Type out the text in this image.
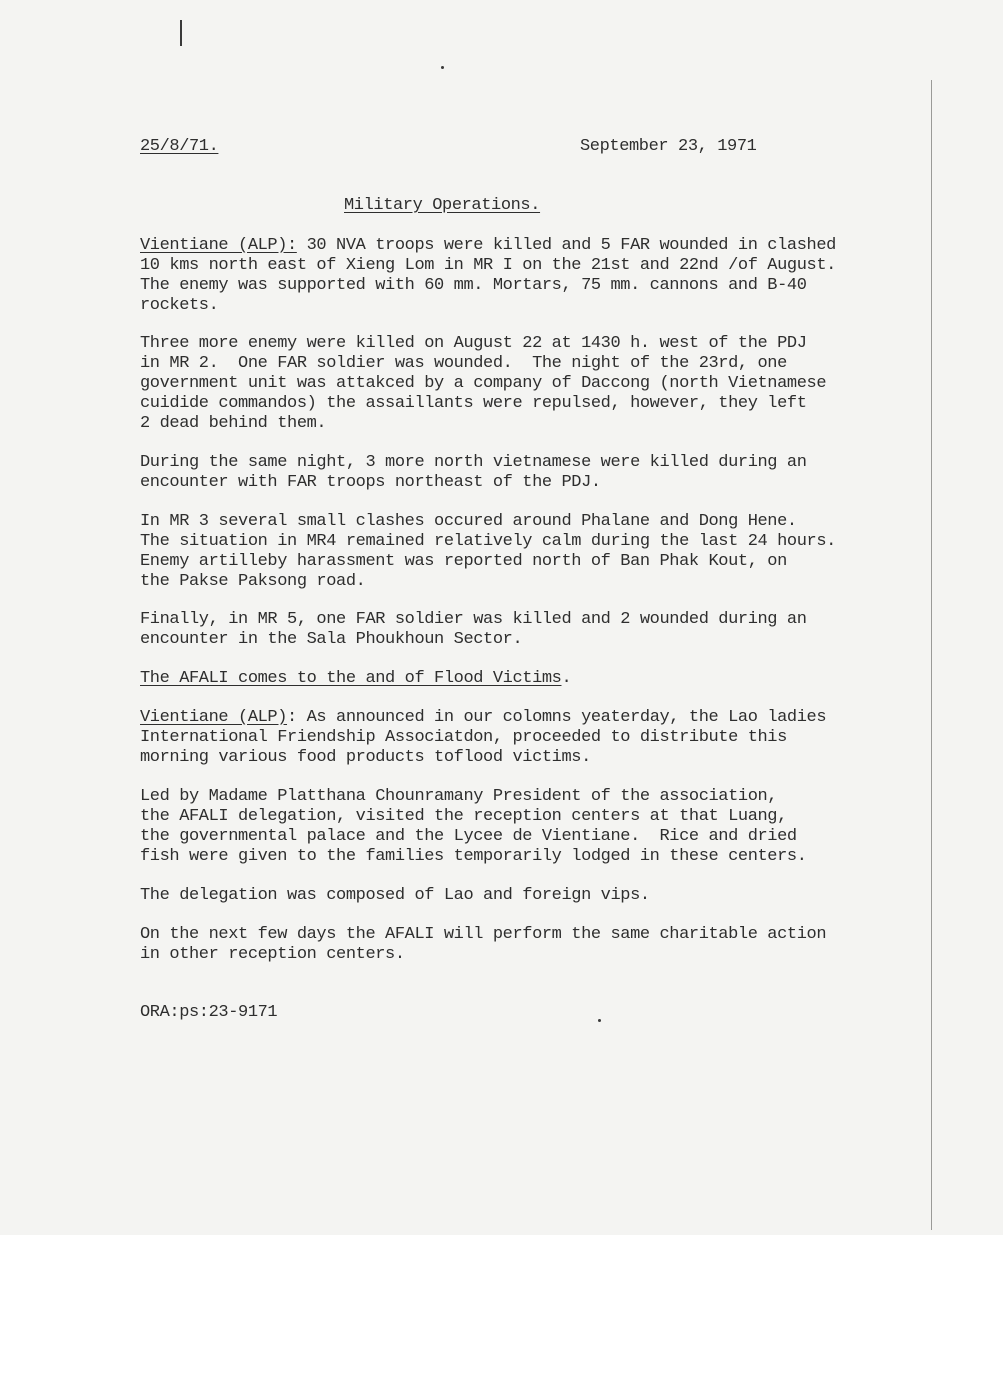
25/8/71.	September 23, 1971
Military Operations.
Vientiane (ALP): 30 NVA troops were killed and 5 FAR wounded in clashed
10 kms north east of Xieng Lom in MR I on the 21st and 22nd /of August.
The enemy was supported with 60 mm. Mortars, 75 mm. cannons and B-40
rockets.
Three more enemy were killed on August 22 at 1430 h. west of the PDJ
in MR 2.  One FAR soldier was wounded.  The night of the 23rd, one
government unit was attakced by a company of Daccong (north Vietnamese
cuidide commandos) the assaillants were repulsed, however, they left
2 dead behind them.
During the same night, 3 more north vietnamese were killed during an
encounter with FAR troops northeast of the PDJ.
In MR 3 several small clashes occured around Phalane and Dong Hene.
The situation in MR4 remained relatively calm during the last 24 hours.
Enemy artilleby harassment was reported north of Ban Phak Kout, on
the Pakse Paksong road.
Finally, in MR 5, one FAR soldier was killed and 2 wounded during an
encounter in the Sala Phoukhoun Sector.
The AFALI comes to the and of Flood Victims.
Vientiane (ALP): As announced in our colomns yeaterday, the Lao ladies
International Friendship Associatdon, proceeded to distribute this
morning various food products toflood victims.
Led by Madame Platthana Chounramany President of the association,
the AFALI delegation, visited the reception centers at that Luang,
the governmental palace and the Lycee de Vientiane.  Rice and dried
fish were given to the families temporarily lodged in these centers.
The delegation was composed of Lao and foreign vips.
On the next few days the AFALI will perform the same charitable action
in other reception centers.
ORA:ps:23-9171
